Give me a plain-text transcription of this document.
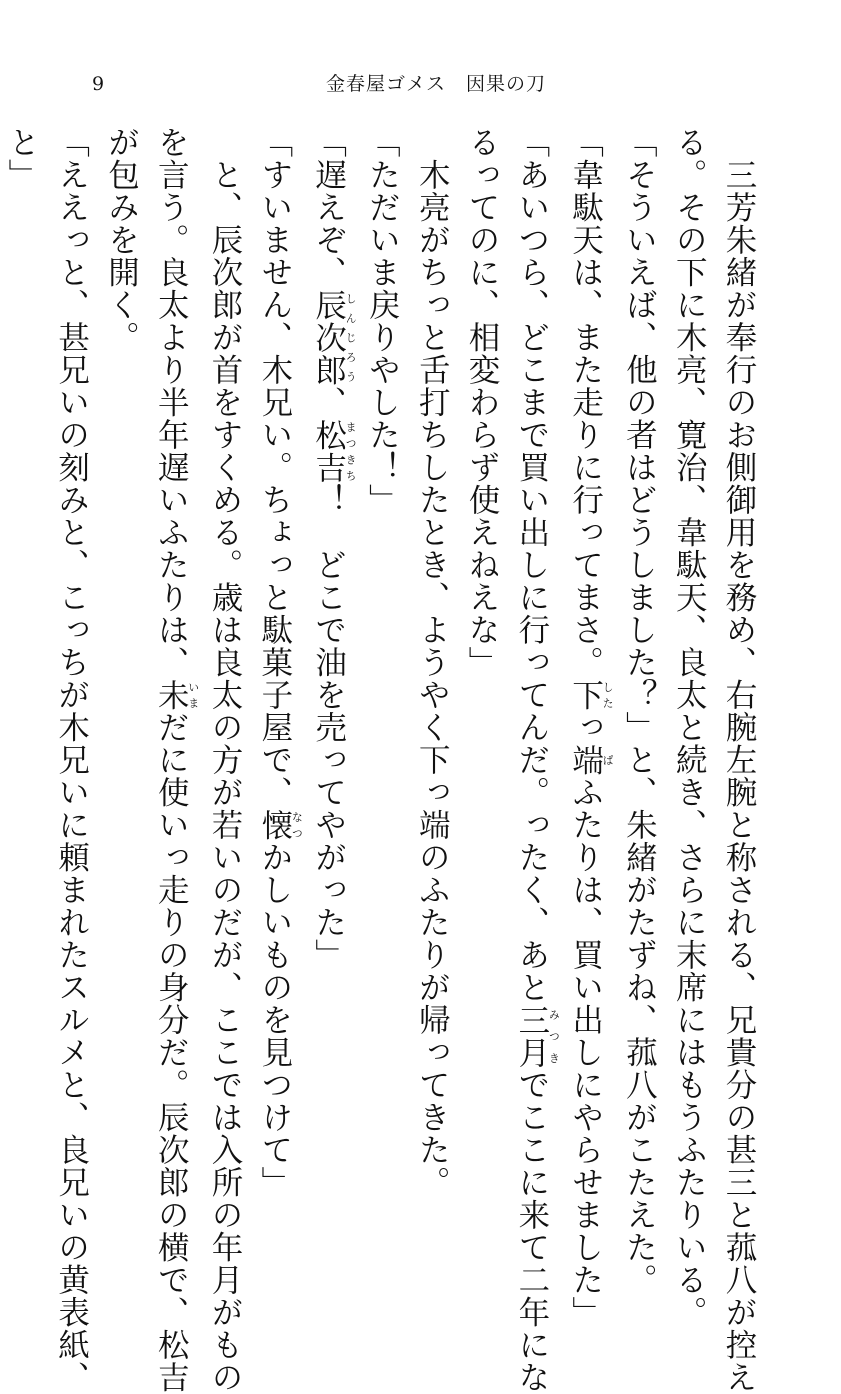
9	金春屋ゴメス　因果の刀
　三芳朱緒が奉行のお側御用を務め、右腕左腕と称される、兄貴分の甚三と菰八が控え
る。その下に木亮、寛治、韋駄天、良太と続き、さらに末席にはもうふたりいる。
「そういえば、他の者はどうしました？」と、朱緒がたずね、菰八がこたえた。
「韋駄天は、また走りに行ってまさ。下したっ端ぱふたりは、買い出しにやらせました」
「あいつら、どこまで買い出しに行ってんだ。ったく、あと三月みつきでここに来て二年にな
るってのに、相変わらず使えねえな」
　木亮がちっと舌打ちしたとき、ようやく下っ端のふたりが帰ってきた。
「ただいま戻りやした！」
「遅えぞ、辰次郎しんじろう、松吉まつきち！　どこで油を売ってやがった」
「すいません、木兄い。ちょっと駄菓子屋で、懐なつかしいものを見つけて」
　と、辰次郎が首をすくめる。歳は良太の方が若いのだが、ここでは入所の年月がもの
を言う。良太より半年遅いふたりは、未いまだに使いっ走りの身分だ。辰次郎の横で、松吉
が包みを開く。
「ええっと、甚兄いの刻みと、こっちが木兄いに頼まれたスルメと、良兄いの黄表紙、
と」
